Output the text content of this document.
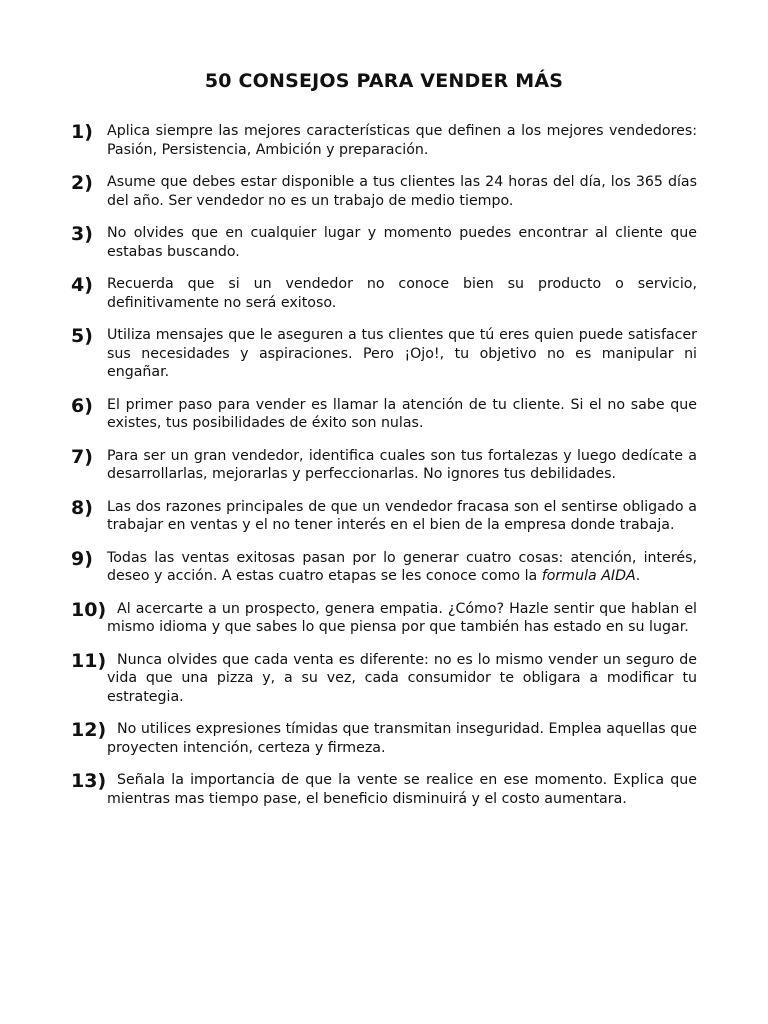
50 CONSEJOS PARA VENDER MÁS
1) Aplica siempre las mejores características que definen a los mejores vendedores: Pasión, Persistencia, Ambición y preparación.
2) Asume que debes estar disponible a tus clientes las 24 horas del día, los 365 días del año. Ser vendedor no es un trabajo de medio tiempo.
3) No olvides que en cualquier lugar y momento puedes encontrar al cliente que estabas buscando.
4) Recuerda que si un vendedor no conoce bien su producto o servicio, definitivamente no será exitoso.
5) Utiliza mensajes que le aseguren a tus clientes que tú eres quien puede satisfacer sus necesidades y aspiraciones. Pero ¡Ojo!, tu objetivo no es manipular ni engañar.
6) El primer paso para vender es llamar la atención de tu cliente. Si el no sabe que existes, tus posibilidades de éxito son nulas.
7) Para ser un gran vendedor, identifica cuales son tus fortalezas y luego dedícate a desarrollarlas, mejorarlas y perfeccionarlas. No ignores tus debilidades.
8) Las dos razones principales de que un vendedor fracasa son el sentirse obligado a trabajar en ventas y el no tener interés en el bien de la empresa donde trabaja.
9) Todas las ventas exitosas pasan por lo generar cuatro cosas: atención, interés, deseo y acción. A estas cuatro etapas se les conoce como la formula AIDA.
10) Al acercarte a un prospecto, genera empatia. ¿Cómo? Hazle sentir que hablan el mismo idioma y que sabes lo que piensa por que también has estado en su lugar.
11) Nunca olvides que cada venta es diferente: no es lo mismo vender un seguro de vida que una pizza y, a su vez, cada consumidor te obligara a modificar tu estrategia.
12) No utilices expresiones tímidas que transmitan inseguridad. Emplea aquellas que proyecten intención, certeza y firmeza.
13) Señala la importancia de que la vente se realice en ese momento. Explica que mientras mas tiempo pase, el beneficio disminuirá y el costo aumentara.
